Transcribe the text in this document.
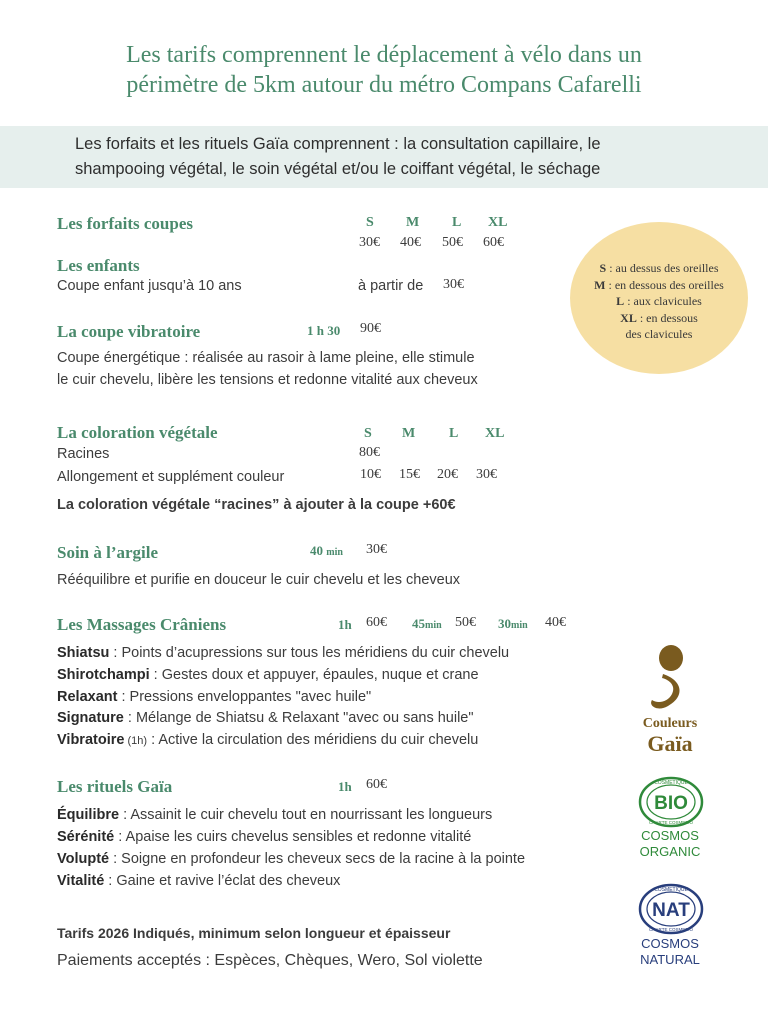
Les tarifs comprennent le déplacement à vélo dans un
périmètre de 5km autour du métro Compans Cafarelli
Les forfaits et les rituels Gaïa comprennent : la consultation capillaire, le
shampooing végétal, le soin végétal et/ou le coiffant végétal, le séchage
Les forfaits coupes	S M L XL
30€ 40€ 50€ 60€
Les enfants
Coupe enfant jusqu’à 10 ans	à partir de 30€
La coupe vibratoire	1 h 30 90€
Coupe énergétique : réalisée au rasoir à lame pleine, elle stimule
le cuir chevelu, libère les tensions et redonne vitalité aux cheveux
La coloration végétale	S M L XL
Racines	80€
Allongement et supplément couleur	10€ 15€ 20€ 30€
La coloration végétale “racines” à ajouter à la coupe +60€
Soin à l’argile	40 min 30€
Rééquilibre et purifie en douceur le cuir chevelu et les cheveux
Les Massages Crâniens	1h 60€ 45min 50€ 30min 40€
Shiatsu : Points d’acupressions sur tous les méridiens du cuir chevelu
Shirotchampi : Gestes doux et appuyer, épaules, nuque et crane
Relaxant : Pressions enveloppantes "avec huile"
Signature : Mélange de Shiatsu & Relaxant "avec ou sans huile"
Vibratoire (1h) : Active la circulation des méridiens du cuir chevelu
Les rituels Gaïa	1h 60€
Équilibre : Assainit le cuir chevelu tout en nourrissant les longueurs
Sérénité : Apaise les cuirs chevelus sensibles et redonne vitalité
Volupté : Soigne en profondeur les cheveux secs de la racine à la pointe
Vitalité : Gaine et ravive l’éclat des cheveux
Tarifs 2026 Indiqués, minimum selon longueur et épaisseur
Paiements acceptés : Espèces, Chèques, Wero, Sol violette
S : au dessus des oreilles
M : en dessous des oreilles
L : aux clavicules
XL : en dessous
des clavicules
Couleurs
Gaïa
COSMETIQUE
BIO
CHARTE COSMEBIO
COSMOS
ORGANIC
COSMETIQUE
NAT
CHARTE COSMEBIO
COSMOS
NATURAL
